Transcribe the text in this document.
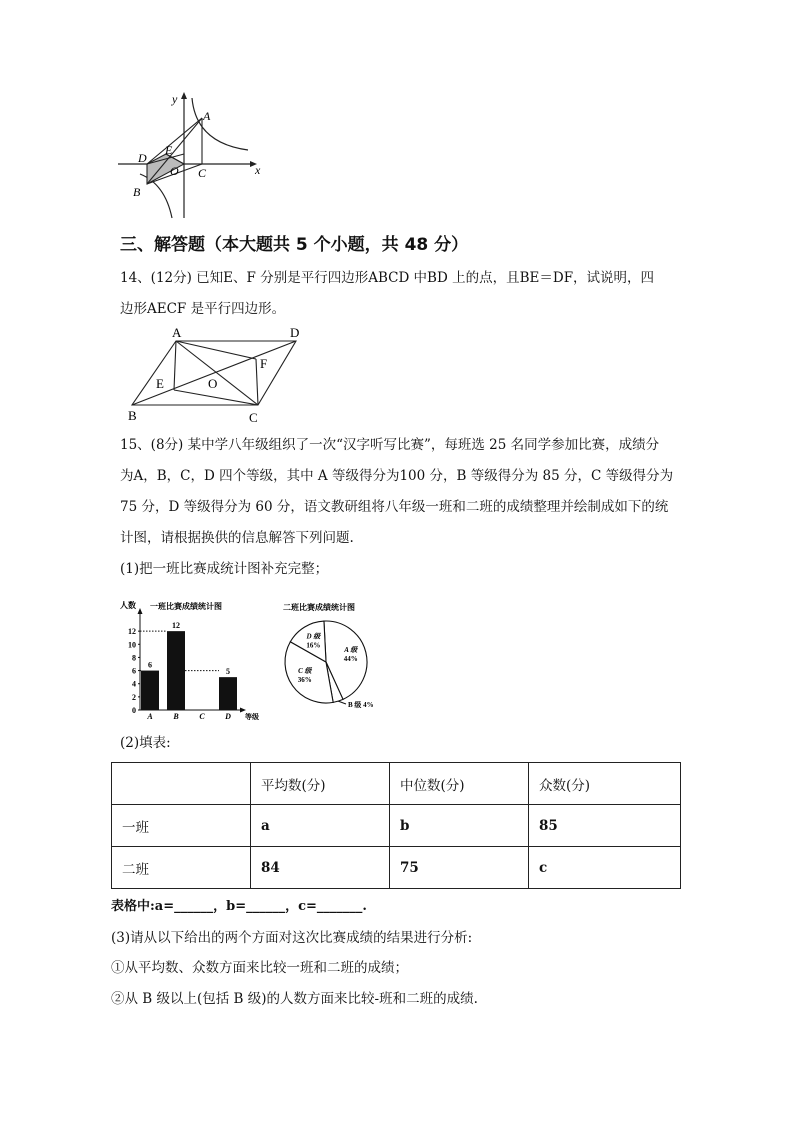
y
x
A
D
E
O C
B
三、解答题（本大题共 5 个小题，共 48 分）
14、(12分) 已知E、F 分别是平行四边形ABCD 中BD 上的点，且BE＝DF，试说明，四
边形AECF 是平行四边形。
A	D
E	O
F
B	C
15、(8分) 某中学八年级组织了一次“汉字听写比赛”，每班选 25 名同学参加比赛，成绩分
为A，B，C，D 四个等级，其中 A 等级得分为100 分，B 等级得分为 85 分，C 等级得分为
75 分，D 等级得分为 60 分，语文教研组将八年级一班和二班的成绩整理并绘制成如下的统
计图，请根据换供的信息解答下列问题.
(1)把一班比赛成统计图补充完整；
一班比赛成绩统计图
人数
等级
0
2
4
6
8
10
12
6
A
12
B	C
5
D
二班比赛成绩统计图
A 级
44%
B 级 4%
C 级
36%
D 级
16%
(2)填表:
	平均数(分)	中位数(分)	众数(分)
一班	a	b	85
二班	84	75	c
表格中:a=______，b=______，c=_______.
(3)请从以下给出的两个方面对这次比赛成绩的结果进行分析:
①从平均数、众数方面来比较一班和二班的成绩；
②从 B 级以上(包括 B 级)的人数方面来比较-班和二班的成绩.
